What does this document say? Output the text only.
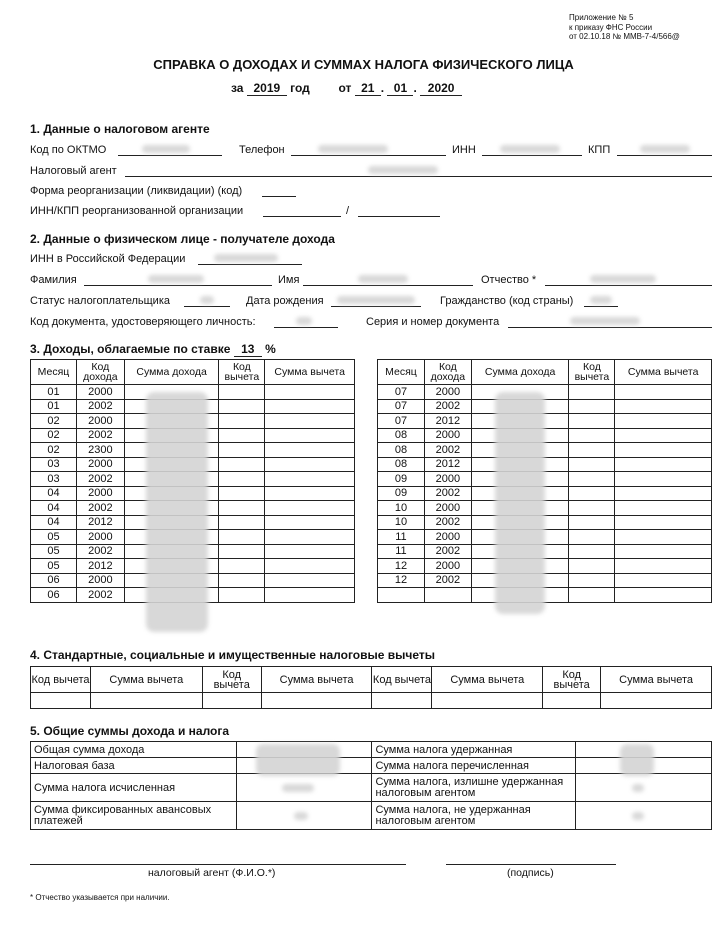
Приложение № 5
к приказу ФНС России
от 02.10.18 № ММВ-7-4/566@
СПРАВКА О ДОХОДАХ И СУММАХ НАЛОГА ФИЗИЧЕСКОГО ЛИЦА
за 2019 год от 21 . 01 . 2020
1. Данные о налоговом агенте
Код по ОКТМО	Телефон	ИНН	КПП
Налоговый агент
Форма реорганизации (ликвидации) (код)
ИНН/КПП реорганизованной организации	/
2. Данные о физическом лице - получателе дохода
ИНН в Российской Федерации
Фамилия	Имя	Отчество *
Статус налогоплательщика	Дата рождения	Гражданство (код страны)
Код документа, удостоверяющего личность:	Серия и номер документа
3. Доходы, облагаемые по ставке 13 %
Месяц	Код дохода	Сумма дохода	Код вычета	Сумма вычета
01	2000			
01	2002			
02	2000			
02	2002			
02	2300			
03	2000			
03	2002			
04	2000			
04	2002			
04	2012			
05	2000			
05	2002			
05	2012			
06	2000			
06	2002			
Месяц	Код дохода	Сумма дохода	Код вычета	Сумма вычета
07	2000			
07	2002			
07	2012			
08	2000			
08	2002			
08	2012			
09	2000			
09	2002			
10	2000			
10	2002			
11	2000			
11	2002			
12	2000			
12	2002			

4. Стандартные, социальные и имущественные налоговые вычеты
Код вычета	Сумма вычета	Код вычета	Сумма вычета	Код вычета	Сумма вычета	Код вычета	Сумма вычета

5. Общие суммы дохода и налога
Общая сумма дохода		Сумма налога удержанная	
Налоговая база		Сумма налога перечисленная	
Сумма налога исчисленная		Сумма налога, излишне удержанная налоговым агентом	
Сумма фиксированных авансовых платежей		Сумма налога, не удержанная налоговым агентом	
налоговый агент (Ф.И.О.*)	(подпись)
* Отчество указывается при наличии.
